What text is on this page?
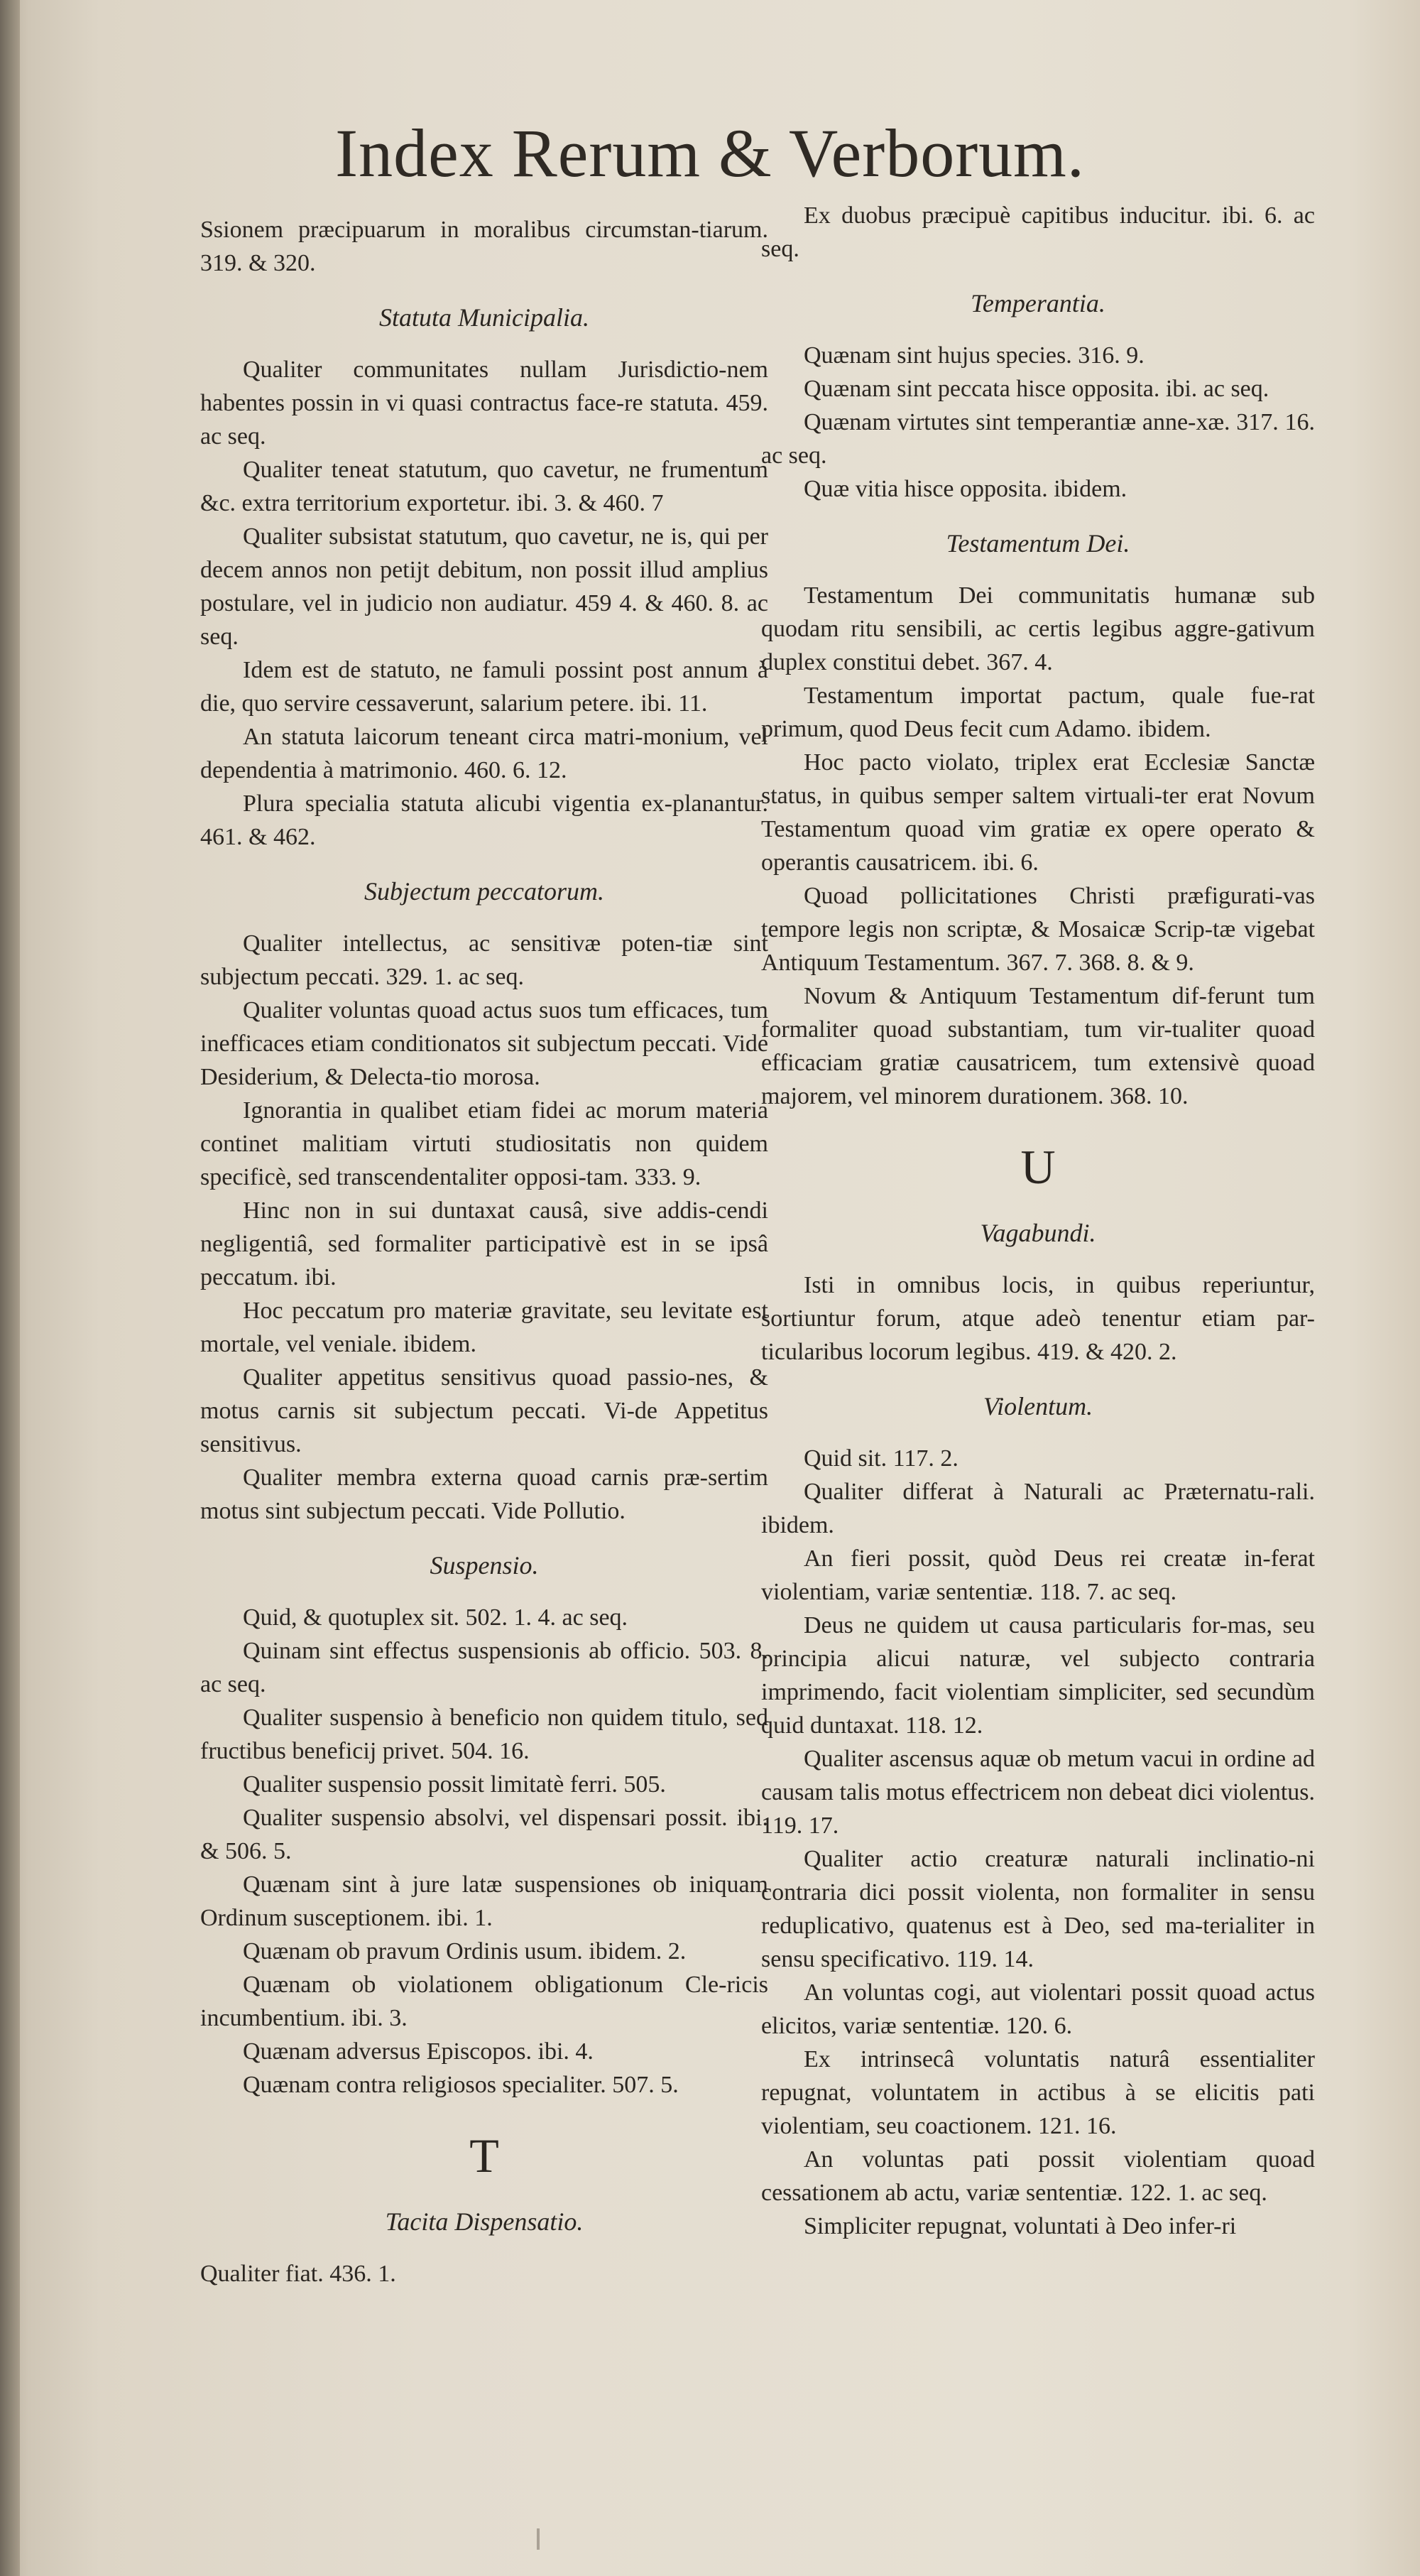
Index Rerum & Verborum.
Ssionem præcipuarum in moralibus circumstan-tiarum. 319. & 320.
Statuta Municipalia.
Qualiter communitates nullam Jurisdictio-nem habentes possin in vi quasi contractus face-re statuta. 459. ac seq.
Qualiter teneat statutum, quo cavetur, ne frumentum &c. extra territorium exportetur. ibi. 3. & 460. 7
Qualiter subsistat statutum, quo cavetur, ne is, qui per decem annos non petijt debitum, non possit illud amplius postulare, vel in judicio non audiatur. 459 4. & 460. 8. ac seq.
Idem est de statuto, ne famuli possint post annum à die, quo servire cessaverunt, salarium petere. ibi. 11.
An statuta laicorum teneant circa matri-monium, vel dependentia à matrimonio. 460. 6. 12.
Plura specialia statuta alicubi vigentia ex-planantur. 461. & 462.
Subjectum peccatorum.
Qualiter intellectus, ac sensitivæ poten-tiæ sint subjectum peccati. 329. 1. ac seq.
Qualiter voluntas quoad actus suos tum efficaces, tum inefficaces etiam conditionatos sit subjectum peccati. Vide Desiderium, & Delecta-tio morosa.
Ignorantia in qualibet etiam fidei ac morum materia continet malitiam virtuti studiositatis non quidem specificè, sed transcendentaliter opposi-tam. 333. 9.
Hinc non in sui duntaxat causâ, sive addis-cendi negligentiâ, sed formaliter participativè est in se ipsâ peccatum. ibi.
Hoc peccatum pro materiæ gravitate, seu levitate est mortale, vel veniale. ibidem.
Qualiter appetitus sensitivus quoad passio-nes, & motus carnis sit subjectum peccati. Vi-de Appetitus sensitivus.
Qualiter membra externa quoad carnis præ-sertim motus sint subjectum peccati. Vide Pollutio.
Suspensio.
Quid, & quotuplex sit. 502. 1. 4. ac seq.
Quinam sint effectus suspensionis ab officio. 503. 8. ac seq.
Qualiter suspensio à beneficio non quidem titulo, sed fructibus beneficij privet. 504. 16.
Qualiter suspensio possit limitatè ferri. 505.
Qualiter suspensio absolvi, vel dispensari possit. ibi. & 506. 5.
Quænam sint à jure latæ suspensiones ob iniquam Ordinum susceptionem. ibi. 1.
Quænam ob pravum Ordinis usum. ibidem. 2.
Quænam ob violationem obligationum Cle-ricis incumbentium. ibi. 3.
Quænam adversus Episcopos. ibi. 4.
Quænam contra religiosos specialiter. 507. 5.
T
Tacita Dispensatio.
Qualiter fiat. 436. 1.
Ex duobus præcipuè capitibus inducitur. ibi. 6. ac seq.
Temperantia.
Quænam sint hujus species. 316. 9.
Quænam sint peccata hisce opposita. ibi. ac seq.
Quænam virtutes sint temperantiæ anne-xæ. 317. 16. ac seq.
Quæ vitia hisce opposita. ibidem.
Testamentum Dei.
Testamentum Dei communitatis humanæ sub quodam ritu sensibili, ac certis legibus aggre-gativum duplex constitui debet. 367. 4.
Testamentum importat pactum, quale fue-rat primum, quod Deus fecit cum Adamo. ibidem.
Hoc pacto violato, triplex erat Ecclesiæ Sanctæ status, in quibus semper saltem virtuali-ter erat Novum Testamentum quoad vim gratiæ ex opere operato & operantis causatricem. ibi. 6.
Quoad pollicitationes Christi præfigurati-vas tempore legis non scriptæ, & Mosaicæ Scrip-tæ vigebat Antiquum Testamentum. 367. 7. 368. 8. & 9.
Novum & Antiquum Testamentum dif-ferunt tum formaliter quoad substantiam, tum vir-tualiter quoad efficaciam gratiæ causatricem, tum extensivè quoad majorem, vel minorem durationem. 368. 10.
U
Vagabundi.
Isti in omnibus locis, in quibus reperiuntur, sortiuntur forum, atque adeò tenentur etiam par-ticularibus locorum legibus. 419. & 420. 2.
Violentum.
Quid sit. 117. 2.
Qualiter differat à Naturali ac Præternatu-rali. ibidem.
An fieri possit, quòd Deus rei creatæ in-ferat violentiam, variæ sententiæ. 118. 7. ac seq.
Deus ne quidem ut causa particularis for-mas, seu principia alicui naturæ, vel subjecto contraria imprimendo, facit violentiam simpliciter, sed secundùm quid duntaxat. 118. 12.
Qualiter ascensus aquæ ob metum vacui in ordine ad causam talis motus effectricem non debeat dici violentus. 119. 17.
Qualiter actio creaturæ naturali inclinatio-ni contraria dici possit violenta, non formaliter in sensu reduplicativo, quatenus est à Deo, sed ma-terialiter in sensu specificativo. 119. 14.
An voluntas cogi, aut violentari possit quoad actus elicitos, variæ sententiæ. 120. 6.
Ex intrinsecâ voluntatis naturâ essentialiter repugnat, voluntatem in actibus à se elicitis pati violentiam, seu coactionem. 121. 16.
An voluntas pati possit violentiam quoad cessationem ab actu, variæ sententiæ. 122. 1. ac seq.
Simpliciter repugnat, voluntati à Deo infer-ri
